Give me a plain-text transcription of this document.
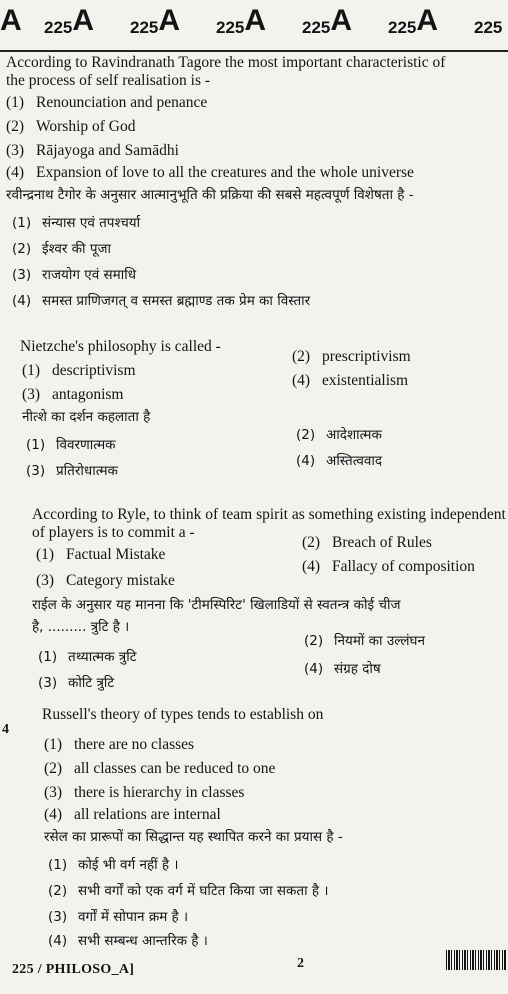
A 225A 225A 225A 225A 225A 225
According to Ravindranath Tagore the most important characteristic of
the process of self realisation is -
(1) Renounciation and penance
(2) Worship of God
(3) Rājayoga and Samādhi
(4) Expansion of love to all the creatures and the whole universe
रवीन्द्रनाथ टैगोर के अनुसार आत्मानुभूति की प्रक्रिया की सबसे महत्वपूर्ण विशेषता है -
(1) संन्यास एवं तपश्चर्या
(2) ईश्वर की पूजा
(3) राजयोग एवं समाधि
(4) समस्त प्राणिजगत् व समस्त ब्रह्माण्ड तक प्रेम का विस्तार
Nietzche's philosophy is called -
(1) descriptivism
(2) prescriptivism
(3) antagonism
(4) existentialism
नीत्शे का दर्शन कहलाता है
(1) विवरणात्मक
(2) आदेशात्मक
(3) प्रतिरोधात्मक
(4) अस्तित्ववाद
According to Ryle, to think of team spirit as something existing independent
of players is to commit a -
(1) Factual Mistake
(2) Breach of Rules
(3) Category mistake
(4) Fallacy of composition
राईल के अनुसार यह मानना कि 'टीमस्पिरिट' खिलाडियों से स्वतन्त्र कोई चीज
है, ......... त्रुटि है ।
(1) तथ्यात्मक त्रुटि
(2) नियमों का उल्लंघन
(3) कोटि त्रुटि
(4) संग्रह दोष
4
Russell's theory of types tends to establish on
(1) there are no classes
(2) all classes can be reduced to one
(3) there is hierarchy in classes
(4) all relations are internal
रसेल का प्रारूपों का सिद्धान्त यह स्थापित करने का प्रयास है -
(1) कोई भी वर्ग नहीं है ।
(2) सभी वर्गों को एक वर्ग में घटित किया जा सकता है ।
(3) वर्गों में सोपान क्रम है ।
(4) सभी सम्बन्ध आन्तरिक है ।
225 / PHILOSO_A]	2
